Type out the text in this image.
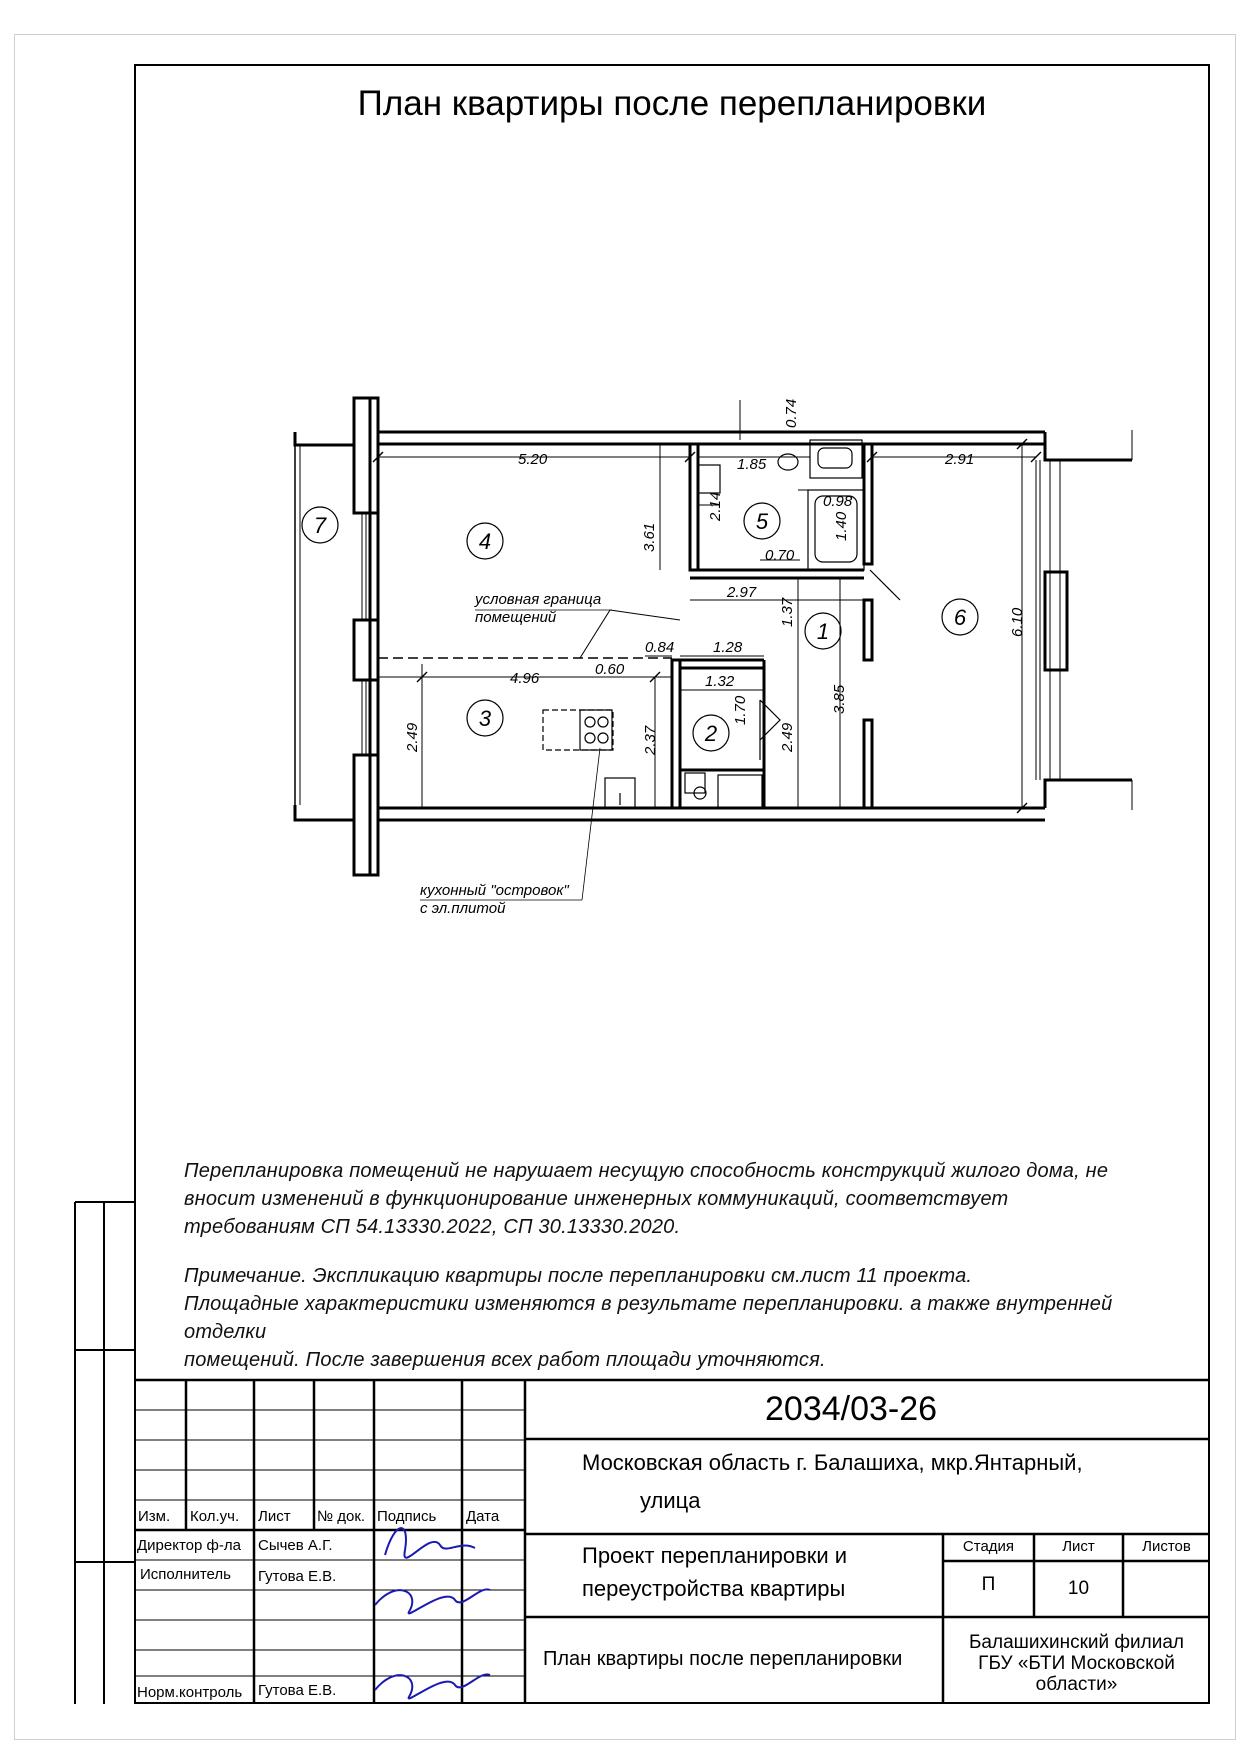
План квартиры после перепланировки
7
4
3
2
5
1
6
5.20	1.85
0.74
2.91
0.98
2.14
1.40
3.61
0.70
2.97
1.37	6.10
0.84	1.28
4.96
0.60
1.32
1.70
2.49	2.49
2.37
3.85
условная граница
помещений
кухонный "островок"
с эл.плитой
Перепланировка помещений не нарушает несущую способность конструкций жилого дома, не
вносит изменений в функционирование инженерных коммуникаций, соответствует
требованиям СП 54.13330.2022, СП 30.13330.2020.
Примечание. Экспликацию квартиры после перепланировки см.лист 11 проекта.
Площадные характеристики изменяются в результате перепланировки. а также внутренней отделки
помещений. После завершения всех работ площади уточняются.
2034/03-26
Московская область г. Балашиха, мкр.Янтарный,
улица
Изм. Кол.уч. Лист № док. Подпись Дата
Директор ф-ла Сычев А.Г.
Исполнитель Гутова Е.В.
Норм.контроль Гутова Е.В.
Проект перепланировки и
переустройства квартиры
Стадия	Лист	Листов
П	10
План квартиры после перепланировки
Балашихинский филиал
ГБУ «БТИ Московской
области»
